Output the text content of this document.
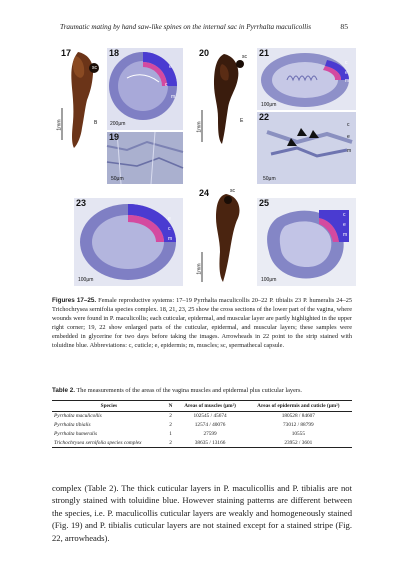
Traumatic mating by hand saw-like spines on the internal sac in Pyrrhalta maculicollis	85
17
sc
B
1mm
18
e
c
m
200μm
19
50μm
20	sc
E
1mm
21
c
e
m
100μm
22
c
e
m
50μm
23
e
c
m
100μm
24	sc
1mm
25
c
e
m
100μm
Figures 17–25. Female reproductive systems: 17–19 Pyrrhalta maculicollis 20–22 P. tibialis 23 P. humeralis 24–25 Trichochrysea sernifolia species complex. 18, 21, 23, 25 show the cross sections of the lower part of the vagina, where wounds were found in P. maculicollis; each cuticular, epidermal, and muscular layer are partly highlighted in the upper right corner; 19, 22 show enlarged parts of the cuticular, epidermal, and muscular layers; these samples were embedded in glycerine for two days before taking the images. Arrowheads in 22 point to the strip stained with toluidine blue. Abbreviations: c, cuticle; e, epidermis; m, muscles; sc, spermathecal capsule.
Table 2. The measurements of the areas of the vagina muscles and epidermal plus cuticular layers.
Species	N	Areas of muscles (μm²)	Areas of epidermis and cuticle (μm²)
Pyrrhalta maculicollis	2	102545 / 45674	180528 / 84607
Pyrrhalta tibialis	2	12574 / 40076	73012 / 88799
Pyrrhalta humeralis	1	27599	10555
Trichochrysea sernifolia species complex	2	38635 / 13166	23952 / 3601
complex (Table 2). The thick cuticular layers in P. maculicollis and P. tibialis are not strongly stained with toluidine blue. However staining patterns are different between the species, i.e. P. maculicollis cuticular layers are weakly and homogeneously stained (Fig. 19) and P. tibialis cuticular layers are not stained except for a stained stripe (Fig. 22, arrowheads).
